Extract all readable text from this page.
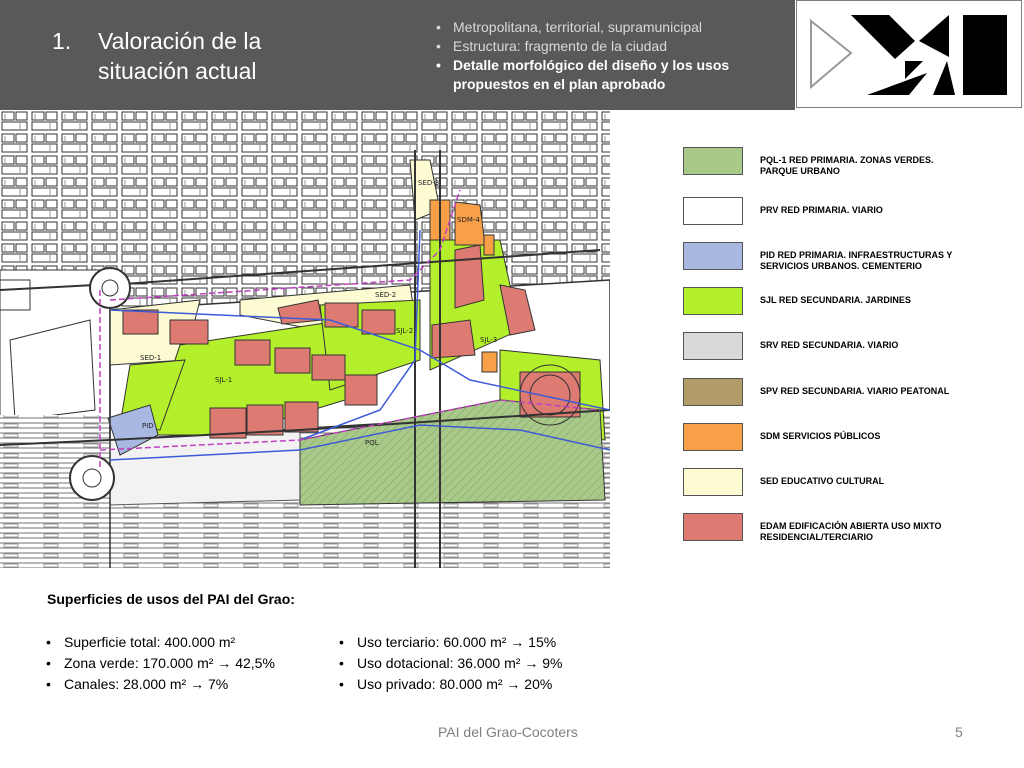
1. Valoración de la
situación actual
• Metropolitana, territorial, supramunicipal
• Estructura: fragmento de la ciudad
• Detalle morfológico del diseño y los usos propuestos en el plan aprobado
SED-1
SED-2
SED-3
SDM-4
SJL-1
SJL-2
SJL-3
PID
PQL
PQL-1 RED PRIMARIA. ZONAS VERDES. PARQUE URBANO
PRV RED PRIMARIA. VIARIO
PID RED PRIMARIA. INFRAESTRUCTURAS Y SERVICIOS URBANOS. CEMENTERIO
SJL RED SECUNDARIA. JARDINES
SRV RED SECUNDARIA. VIARIO
SPV RED SECUNDARIA. VIARIO PEATONAL
SDM SERVICIOS PÚBLICOS
SED EDUCATIVO CULTURAL
EDAM EDIFICACIÓN ABIERTA USO MIXTO RESIDENCIAL/TERCIARIO
Superficies de usos del PAI del Grao:
• Superficie total: 400.000 m²
• Zona verde: 170.000 m² → 42,5%
• Canales: 28.000 m² → 7%
• Uso terciario: 60.000 m² → 15%
• Uso dotacional: 36.000 m² → 9%
• Uso privado: 80.000 m² → 20%
PAI del Grao-Cocoters	5
